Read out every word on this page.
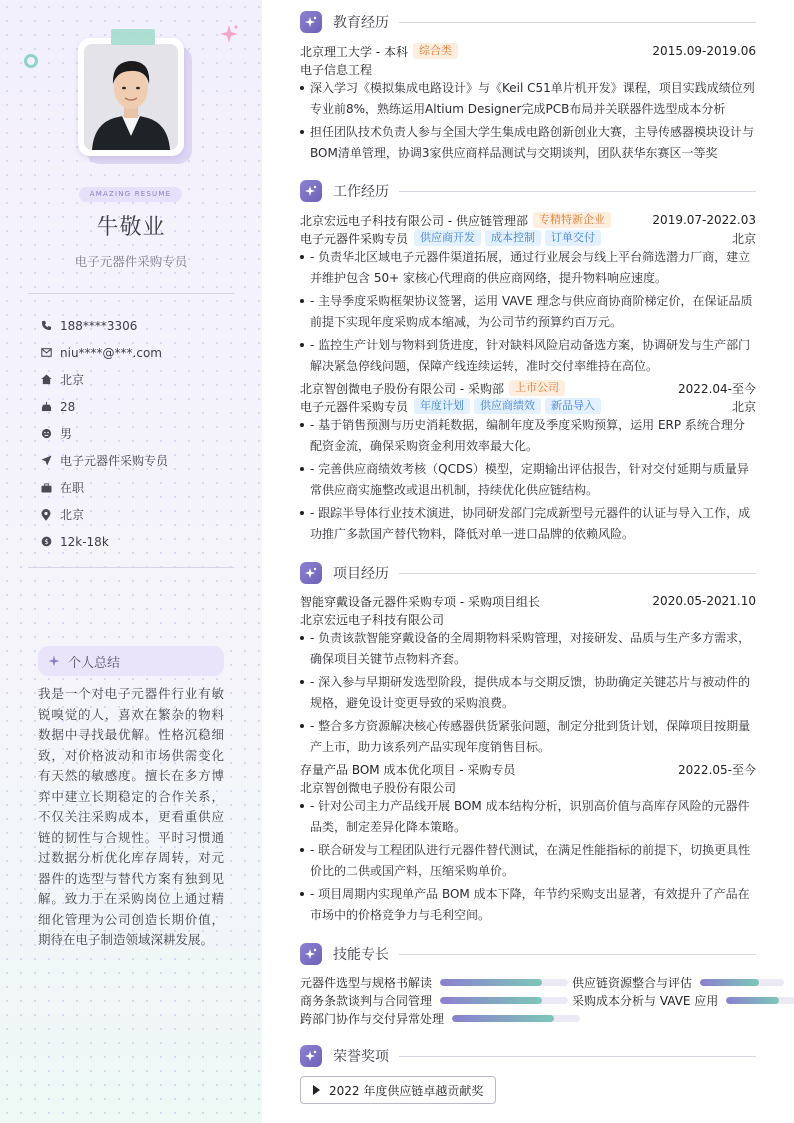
AMAZING RESUME
牛敬业
电子元器件采购专员
188****3306
niu****@***.com
北京
28
男
电子元器件采购专员
在职
北京
$ 12k-18k
个人总结
我是一个对电子元器件行业有敏锐嗅觉的人，喜欢在繁杂的物料数据中寻找最优解。性格沉稳细致，对价格波动和市场供需变化有天然的敏感度。擅长在多方博弈中建立长期稳定的合作关系，不仅关注采购成本，更看重供应链的韧性与合规性。平时习惯通过数据分析优化库存周转，对元器件的选型与替代方案有独到见解。致力于在采购岗位上通过精细化管理为公司创造长期价值，期待在电子制造领域深耕发展。
教育经历
北京理工大学 - 本科	综合类	2015.09-2019.06
电子信息工程
深入学习《模拟集成电路设计》与《Keil C51单片机开发》课程，项目实践成绩位列专业前8%，熟练运用Altium Designer完成PCB布局并关联器件选型成本分析
担任团队技术负责人参与全国大学生集成电路创新创业大赛，主导传感器模块设计与BOM清单管理，协调3家供应商样品测试与交期谈判，团队获华东赛区一等奖
工作经历
北京宏远电子科技有限公司 - 供应链管理部	专精特新企业	2019.07-2022.03
电子元器件采购专员	供应商开发	成本控制	订单交付	北京
- 负责华北区域电子元器件渠道拓展，通过行业展会与线上平台筛选潜力厂商，建立并维护包含 50+ 家核心代理商的供应商网络，提升物料响应速度。
- 主导季度采购框架协议签署，运用 VAVE 理念与供应商协商阶梯定价，在保证品质前提下实现年度采购成本缩减，为公司节约预算约百万元。
- 监控生产计划与物料到货进度，针对缺料风险启动备选方案，协调研发与生产部门解决紧急停线问题，保障产线连续运转，准时交付率维持在高位。
北京智创微电子股份有限公司 - 采购部	上市公司	2022.04-至今
电子元器件采购专员	年度计划	供应商绩效	新品导入	北京
- 基于销售预测与历史消耗数据，编制年度及季度采购预算，运用 ERP 系统合理分配资金流，确保采购资金利用效率最大化。
- 完善供应商绩效考核（QCDS）模型，定期输出评估报告，针对交付延期与质量异常供应商实施整改或退出机制，持续优化供应链结构。
- 跟踪半导体行业技术演进，协同研发部门完成新型号元器件的认证与导入工作，成功推广多款国产替代物料，降低对单一进口品牌的依赖风险。
项目经历
智能穿戴设备元器件采购专项 - 采购项目组长	2020.05-2021.10
北京宏远电子科技有限公司
- 负责该款智能穿戴设备的全周期物料采购管理，对接研发、品质与生产多方需求，确保项目关键节点物料齐套。
- 深入参与早期研发选型阶段，提供成本与交期反馈，协助确定关键芯片与被动件的规格，避免设计变更导致的采购浪费。
- 整合多方资源解决核心传感器供货紧张问题，制定分批到货计划，保障项目按期量产上市，助力该系列产品实现年度销售目标。
存量产品 BOM 成本优化项目 - 采购专员	2022.05-至今
北京智创微电子股份有限公司
- 针对公司主力产品线开展 BOM 成本结构分析，识别高价值与高库存风险的元器件品类，制定差异化降本策略。
- 联合研发与工程团队进行元器件替代测试，在满足性能指标的前提下，切换更具性价比的二供或国产料，压缩采购单价。
- 项目周期内实现单产品 BOM 成本下降，年节约采购支出显著，有效提升了产品在市场中的价格竞争力与毛利空间。
技能专长
元器件选型与规格书解读	供应链资源整合与评估
商务条款谈判与合同管理	采购成本分析与 VAVE 应用
跨部门协作与交付异常处理
荣誉奖项
2022 年度供应链卓越贡献奖
